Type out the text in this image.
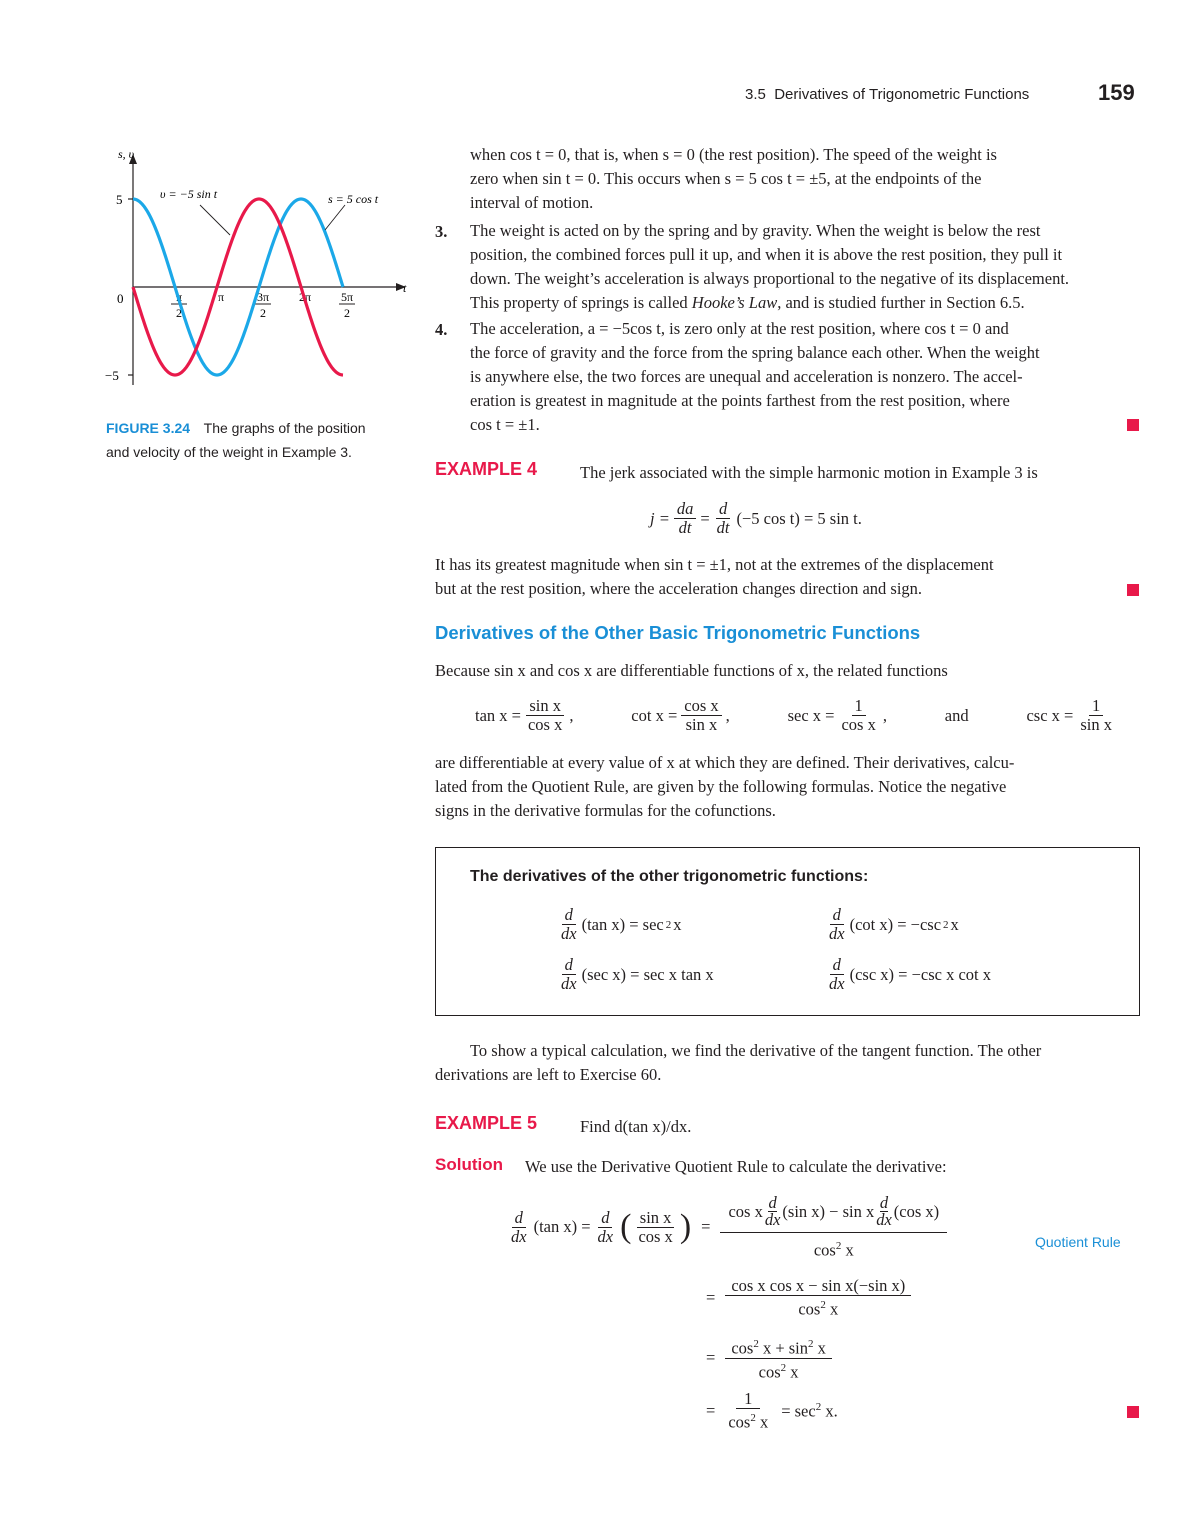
3.5 Derivatives of Trigonometric Functions	159
s, υ
t
5
−5
0	π
2
π	3π
2
2π 5π
2
υ = −5 sin t	s = 5 cos t
FIGURE 3.24 The graphs of the position
and velocity of the weight in Example 3.
when cos t = 0, that is, when s = 0 (the rest position). The speed of the weight is
zero when sin t = 0. This occurs when s = 5 cos t = ±5, at the endpoints of the
interval of motion.
3. The weight is acted on by the spring and by gravity. When the weight is below the rest
position, the combined forces pull it up, and when it is above the rest position, they pull it
down. The weight’s acceleration is always proportional to the negative of its displacement.
This property of springs is called Hooke’s Law, and is studied further in Section 6.5.
4. The acceleration, a = −5cos t, is zero only at the rest position, where cos t = 0 and
the force of gravity and the force from the spring balance each other. When the weight
is anywhere else, the two forces are unequal and acceleration is nonzero. The accel-
eration is greatest in magnitude at the points farthest from the rest position, where
cos t = ±1.
EXAMPLE 4	The jerk associated with the simple harmonic motion in Example 3 is
$j = \frac{da}{dt} = \frac{d}{dt} (-5$ cos t) = 5 sin t.
It has its greatest magnitude when sin t = ±1, not at the extremes of the displacement
but at the rest position, where the acceleration changes direction and sign.
Derivatives of the Other Basic Trigonometric Functions
Because sin x and cos x are differentiable functions of x, the related functions
$\tan x = \frac{\text{sin x}}{\text{cos x}}$ ,	$\cot x = \frac{\text{cos x}}{\text{sin x}}$ ,	$\sec x = \frac{1}{\text{cos x}}$ ,	and	$\csc x = \frac{1}{\text{sin x}}$
are differentiable at every value of x at which they are defined. Their derivatives, calcu-
lated from the Quotient Rule, are given by the following formulas. Notice the negative
signs in the derivative formulas for the cofunctions.
The derivatives of the other trigonometric functions:
$\frac{d}{dx} (\tan$ x) = sec 2 x	$\frac{d}{dx} (\cot$ x) = −csc 2 x
$\frac{d}{dx} (\sec$ x) = sec x tan x	$\frac{d}{dx} (\csc$ x) = −csc x cot x
To show a typical calculation, we find the derivative of the tangent function. The other
derivations are left to Exercise 60.
EXAMPLE 5	Find d(tan x)/dx.
Solution We use the Derivative Quotient Rule to calculate the derivative:
$\frac{d}{dx} (\tan$ $x) = \frac{d}{dx}$ ( $\frac{\text{sin x}}{\text{cos x}}$ ) =
cos x $\frac{d}{dx} (\sin$ x) − sin x $\frac{d}{dx} (\cos$ x)
$\cos^2 x$	Quotient Rule
= $\frac{\text{cos x cos x − sin x(−sin x)}}{\cos^2 x}$
= $\frac{\cos^2 x + \sin^2 x}{\cos^2 x}$
= $\frac{1}{\cos^2 x} = \sec^2 x$.
